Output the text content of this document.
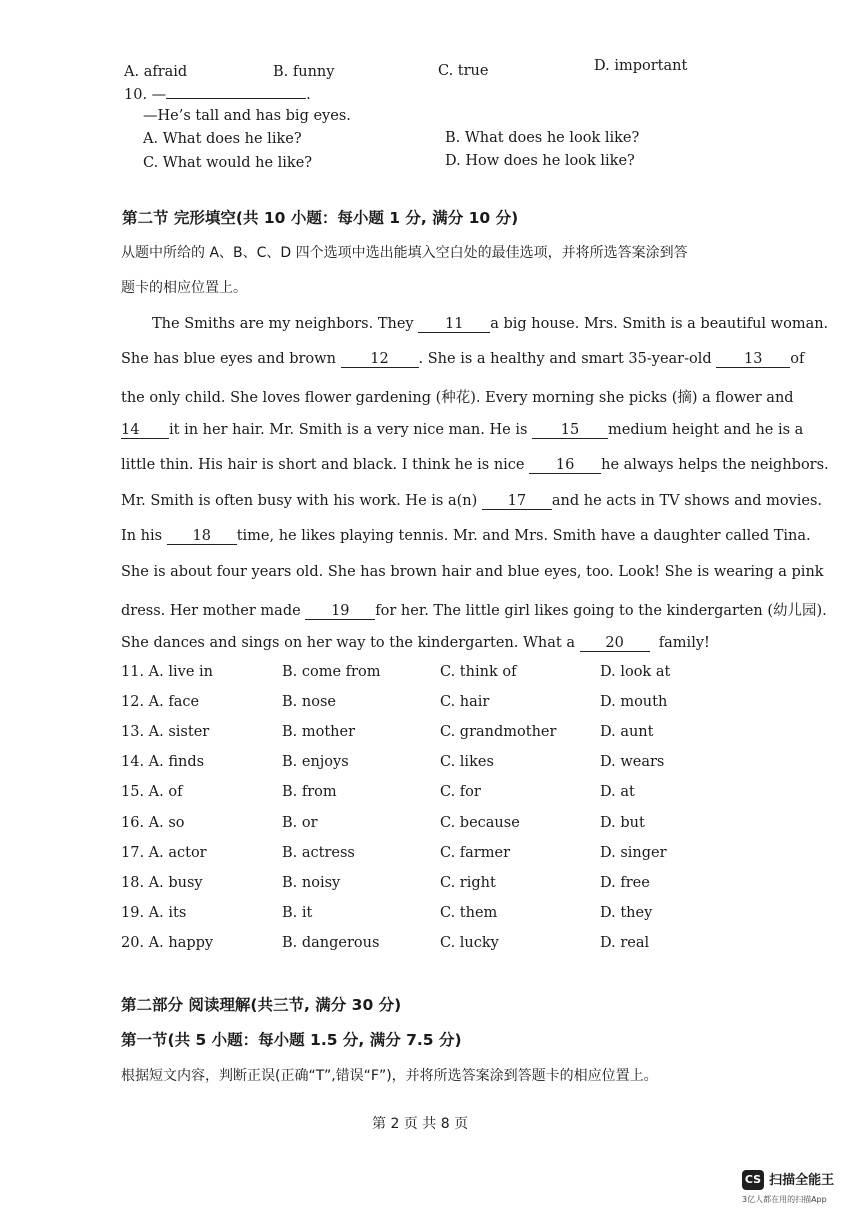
A. afraid	B. funny	C. true	D. important
10. —	.
—He’s tall and has big eyes.
A. What does he like?	B. What does he look like?
C. What would he like?	D. How does he look like?
第二节 完形填空(共 10 小题：每小题 1 分, 满分 10 分)
从题中所给的 A、B、C、D 四个选项中选出能填入空白处的最佳选项，并将所选答案涂到答
题卡的相应位置上。
The Smiths are my neighbors. They 11 a big house. Mrs. Smith is a beautiful woman.
She has blue eyes and brown 12 . She is a healthy and smart 35-year-old 13 of
the only child. She loves flower gardening (种花). Every morning she picks (摘) a flower and
14 it in her hair. Mr. Smith is a very nice man. He is 15 medium height and he is a
little thin. His hair is short and black. I think he is nice 16 he always helps the neighbors.
Mr. Smith is often busy with his work. He is a(n) 17 and he acts in TV shows and movies.
In his 18 time, he likes playing tennis. Mr. and Mrs. Smith have a daughter called Tina.
She is about four years old. She has brown hair and blue eyes, too. Look! She is wearing a pink
dress. Her mother made 19 for her. The little girl likes going to the kindergarten (幼儿园).
She dances and sings on her way to the kindergarten. What a 20 family!
11. A. live in	B. come from	C. think of	D. look at
12. A. face	B. nose	C. hair	D. mouth
13. A. sister	B. mother	C. grandmother	D. aunt
14. A. finds	B. enjoys	C. likes	D. wears
15. A. of	B. from	C. for	D. at
16. A. so	B. or	C. because	D. but
17. A. actor	B. actress	C. farmer	D. singer
18. A. busy	B. noisy	C. right	D. free
19. A. its	B. it	C. them	D. they
20. A. happy	B. dangerous	C. lucky	D. real
第二部分 阅读理解(共三节, 满分 30 分)
第一节(共 5 小题：每小题 1.5 分, 满分 7.5 分)
根据短文内容，判断正误(正确“T”,错误“F”)，并将所选答案涂到答题卡的相应位置上。
第 2 页 共 8 页
CS 扫描全能王
3亿人都在用的扫描App
